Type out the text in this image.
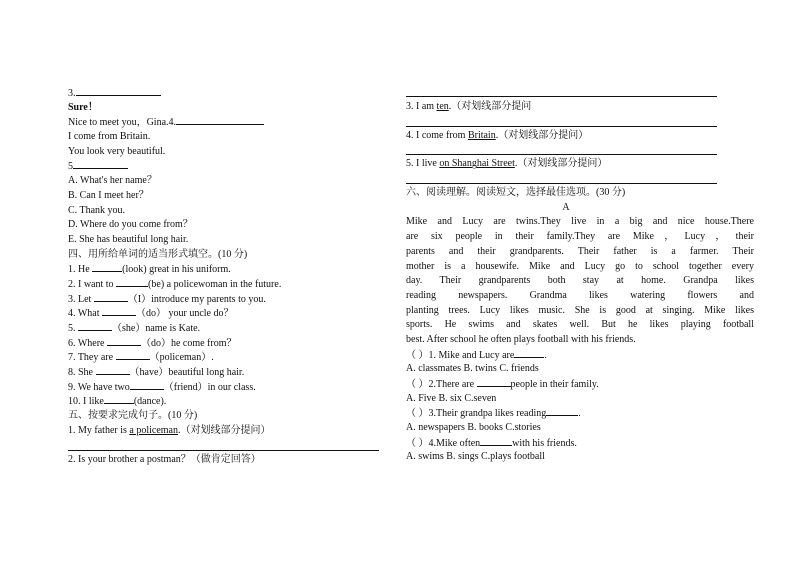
3.
Sure！
Nice to meet you，Gina.4.
I come from Britain.
You look very beautiful.
5
A. What's her name？
B. Can I meet her？
C. Thank you.
D. Where do you come from？
E. She has beautiful long hair.
四、用所给单词的适当形式填空。(10 分)
1. He	(look) great in his uniform.
2. I want to	(be) a policewoman in the future.
3. Let	（I）introduce my parents to you.
4. What	（do） your uncle do？
5.	（she）name is Kate.
6. Where	（do）he come from？
7. They are	（policeman）.
8. She	（have）beautiful long hair.
9. We have two	（friend）in our class.
10. I like	(dance).
五、按要求完成句子。(10 分)
1. My father is a policeman.（对划线部分提问）
2. Is your brother a postman？（做肯定回答）
3. I am ten.（对划线部分提问
4. I come from Britain.（对划线部分提问）
5. I live on Shanghai Street.（对划线部分提问）
六、阅读理解。阅读短文，选择最佳选项。(30 分)
A
Mike and Lucy are twins.They live in a big and nice house.There
are six people in their family.They are Mike，Lucy，their
parents and their grandparents. Their father is a farmer. Their
mother is a housewife. Mike and Lucy go to school together every
day. Their grandparents both stay at home. Grandpa likes
reading newspapers. Grandma likes watering flowers and
planting trees. Lucy likes music. She is good at singing. Mike likes
sports. He swims and skates well. But he likes playing football
best. After school he often plays football with his friends.
（ ）1. Mike and Lucy are	.
A. classmates B. twins C. friends
（ ）2.There are	people in their family.
A. Five B. six C.seven
（ ）3.Their grandpa likes reading	.
A. newspapers B. books C.stories
（ ）4.Mike often	with his friends.
A. swims B. sings C.plays football
